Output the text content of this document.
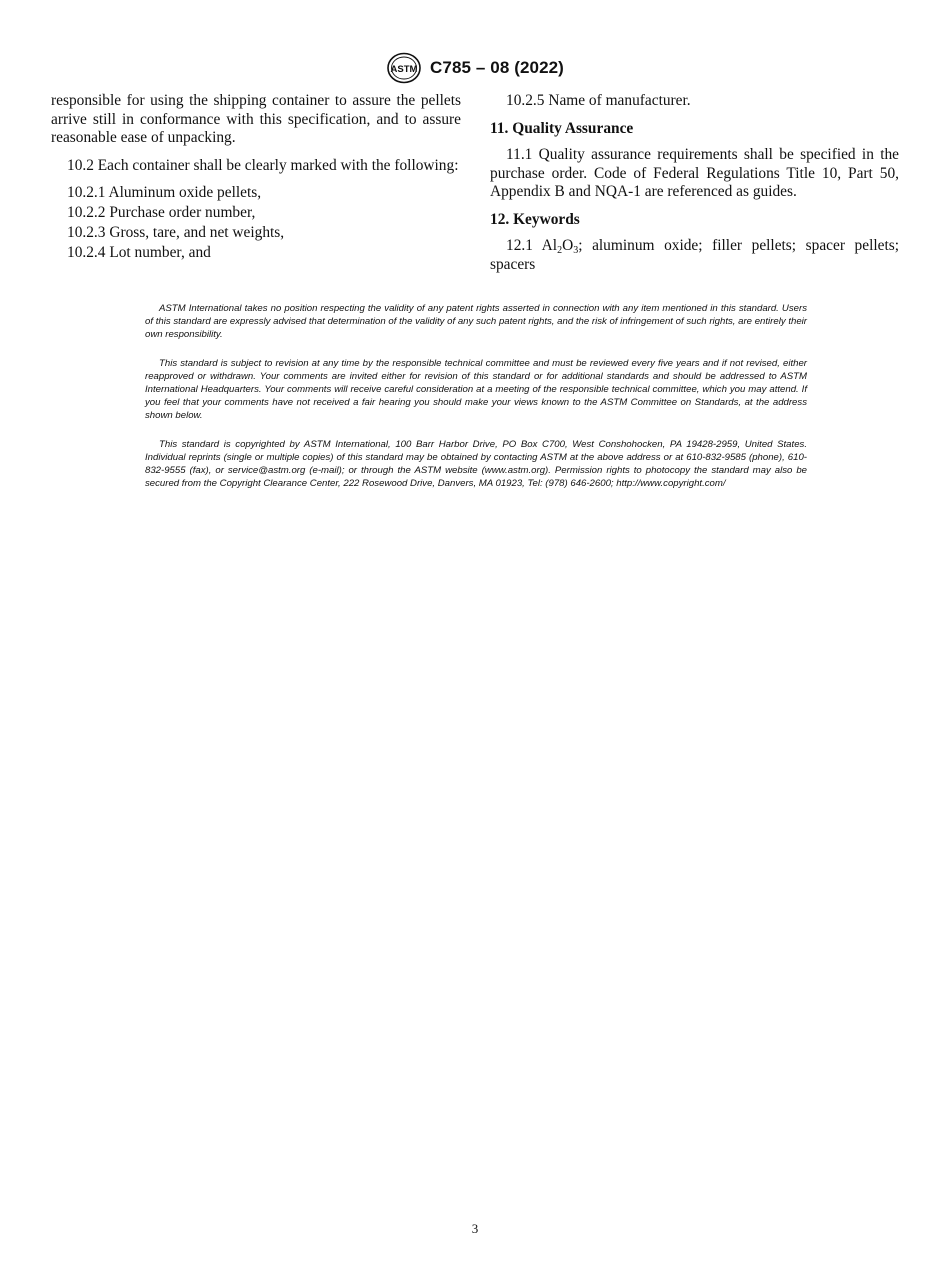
ASTM C785 – 08 (2022)

responsible for using the shipping container to assure the pellets arrive still in conformance with this specification, and to assure reasonable ease of unpacking.

10.2 Each container shall be clearly marked with the following:

10.2.1 Aluminum oxide pellets,

10.2.2 Purchase order number,

10.2.3 Gross, tare, and net weights,

10.2.4 Lot number, and

10.2.5 Name of manufacturer.

11. Quality Assurance

11.1 Quality assurance requirements shall be specified in the purchase order. Code of Federal Regulations Title 10, Part 50, Appendix B and NQA-1 are referenced as guides.

12. Keywords

12.1 $Al_2O_3$; aluminum oxide; filler pellets; spacer pellets; spacers

ASTM International takes no position respecting the validity of any patent rights asserted in connection with any item mentioned in this standard. Users of this standard are expressly advised that determination of the validity of any such patent rights, and the risk of infringement of such rights, are entirely their own responsibility.

This standard is subject to revision at any time by the responsible technical committee and must be reviewed every five years and if not revised, either reapproved or withdrawn. Your comments are invited either for revision of this standard or for additional standards and should be addressed to ASTM International Headquarters. Your comments will receive careful consideration at a meeting of the responsible technical committee, which you may attend. If you feel that your comments have not received a fair hearing you should make your views known to the ASTM Committee on Standards, at the address shown below.

This standard is copyrighted by ASTM International, 100 Barr Harbor Drive, PO Box C700, West Conshohocken, PA 19428-2959, United States. Individual reprints (single or multiple copies) of this standard may be obtained by contacting ASTM at the above address or at 610-832-9585 (phone), 610-832-9555 (fax), or service@astm.org (e-mail); or through the ASTM website (www.astm.org). Permission rights to photocopy the standard may also be secured from the Copyright Clearance Center, 222 Rosewood Drive, Danvers, MA 01923, Tel: (978) 646-2600; http://www.copyright.com/

3
